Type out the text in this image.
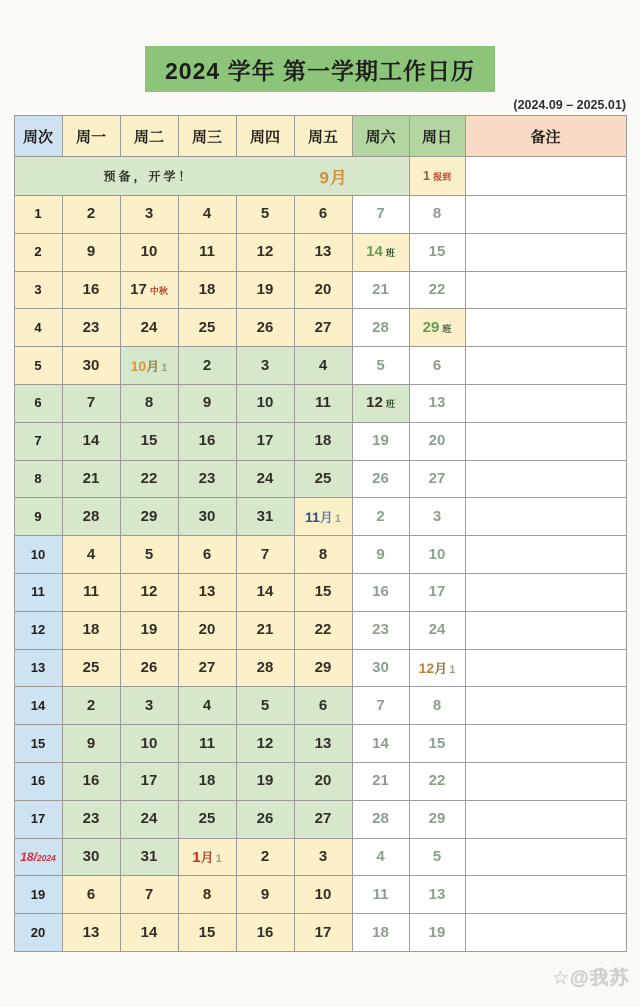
2024 学年 第一学期工作日历
(2024.09 – 2025.01)
周次	周一	周二	周三	周四	周五	周六	周日	备注

预备，开学！ 9月							1 报到	
1	2	3	4	5	6	7	8	
2	9	10	11	12	13	14 班	15	
3	16	17 中秋	18	19	20	21	22	
4	23	24	25	26	27	28	29 班	
5	30	10月 1	2	3	4	5	6	
6	7	8	9	10	11	12 班	13	
7	14	15	16	17	18	19	20	
8	21	22	23	24	25	26	27	
9	28	29	30	31	11月 1	2	3	
10	4	5	6	7	8	9	10	
11	11	12	13	14	15	16	17	
12	18	19	20	21	22	23	24	
13	25	26	27	28	29	30	12月 1	
14	2	3	4	5	6	7	8	
15	9	10	11	12	13	14	15	
16	16	17	18	19	20	21	22	
17	23	24	25	26	27	28	29	
18/2024	30	31	1月 1	2	3	4	5	
19	6	7	8	9	10	11	13	
20	13	14	15	16	17	18	19	
☆@我苏
